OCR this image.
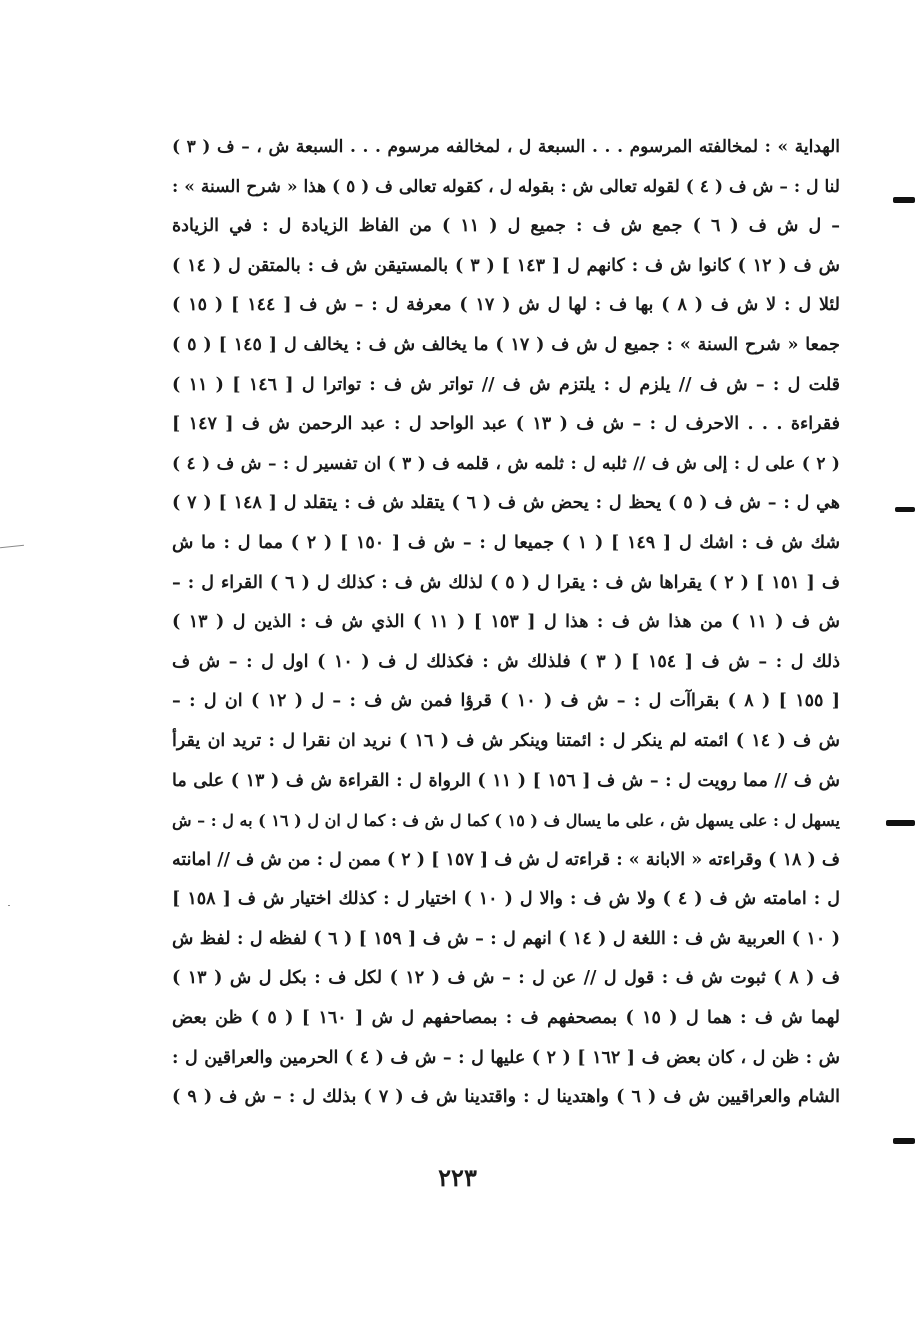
الهداية » : لمخالفته المرسوم . . . السبعة ل ، لمخالفه مرسوم . . . السبعة ش ، – ف ( ٣ )
لنا ل : – ش ف ( ٤ ) لقوله تعالى ش : بقوله ل ، كقوله تعالى ف ( ٥ ) هذا « شرح السنة » :
– ل ش ف ( ٦ ) جمع ش ف : جميع ل ( ١١ ) من الفاظ الزيادة ل : في الزيادة
ش ف ( ١٢ ) كانوا ش ف : كانهم ل [ ١٤٣ ] ( ٣ ) بالمستيقن ش ف : بالمتقن ل ( ١٤ )
لئلا ل : لا ش ف ( ٨ ) بها ف : لها ل ش ( ١٧ ) معرفة ل : – ش ف [ ١٤٤ ] ( ١٥ )
جمعا « شرح السنة » : جميع ل ش ف ( ١٧ ) ما يخالف ش ف : يخالف ل [ ١٤٥ ] ( ٥ )
قلت ل : – ش ف // يلزم ل : يلتزم ش ف // تواتر ش ف : تواترا ل [ ١٤٦ ] ( ١١ )
فقراءة . . . الاحرف ل : – ش ف ( ١٣ ) عبد الواحد ل : عبد الرحمن ش ف [ ١٤٧ ]
( ٢ ) على ل : إلى ش ف // ثلبه ل : ثلمه ش ، قلمه ف ( ٣ ) ان تفسير ل : – ش ف ( ٤ )
هي ل : – ش ف ( ٥ ) يحظ ل : يحض ش ف ( ٦ ) يتقلد ش ف : يتقلد ل [ ١٤٨ ] ( ٧ )
شك ش ف : اشك ل [ ١٤٩ ] ( ١ ) جميعا ل : – ش ف [ ١٥٠ ] ( ٢ ) مما ل : ما ش
ف [ ١٥١ ] ( ٢ ) يقراها ش ف : يقرا ل ( ٥ ) لذلك ش ف : كذلك ل ( ٦ ) القراء ل : –
ش ف ( ١١ ) من هذا ش ف : هذا ل [ ١٥٣ ] ( ١١ ) الذي ش ف : الذين ل ( ١٣ )
ذلك ل : – ش ف [ ١٥٤ ] ( ٣ ) فلذلك ش : فكذلك ل ف ( ١٠ ) اول ل : – ش ف
[ ١٥٥ ] ( ٨ ) بقراآت ل : – ش ف ( ١٠ ) قرؤا فمن ش ف : – ل ( ١٢ ) ان ل : –
ش ف ( ١٤ ) ائمته لم ينكر ل : ائمتنا وينكر ش ف ( ١٦ ) نريد ان نقرا ل : تريد ان يقرأ
ش ف // مما رويت ل : – ش ف [ ١٥٦ ] ( ١١ ) الرواة ل : القراءة ش ف ( ١٣ ) على ما
يسهل ل : على يسهل ش ، على ما يسال ف ( ١٥ ) كما ل ش ف : كما ل ان ل ( ١٦ ) به ل : – ش
ف ( ١٨ ) وقراءته « الابانة » : قراءته ل ش ف [ ١٥٧ ] ( ٢ ) ممن ل : من ش ف // امانته
ل : امامته ش ف ( ٤ ) ولا ش ف : والا ل ( ١٠ ) اختيار ل : كذلك اختيار ش ف [ ١٥٨ ]
( ١٠ ) العربية ش ف : اللغة ل ( ١٤ ) انهم ل : – ش ف [ ١٥٩ ] ( ٦ ) لفظه ل : لفظ ش
ف ( ٨ ) ثبوت ش ف : قول ل // عن ل : – ش ف ( ١٢ ) لكل ف : بكل ل ش ( ١٣ )
لهما ش ف : هما ل ( ١٥ ) بمصحفهم ف : بمصاحفهم ل ش [ ١٦٠ ] ( ٥ ) ظن بعض
ش : ظن ل ، كان بعض ف [ ١٦٢ ] ( ٢ ) عليها ل : – ش ف ( ٤ ) الحرمين والعراقين ل :
الشام والعراقيين ش ف ( ٦ ) واهتدينا ل : واقتدينا ش ف ( ٧ ) بذلك ل : – ش ف ( ٩ )
٢٢٣
